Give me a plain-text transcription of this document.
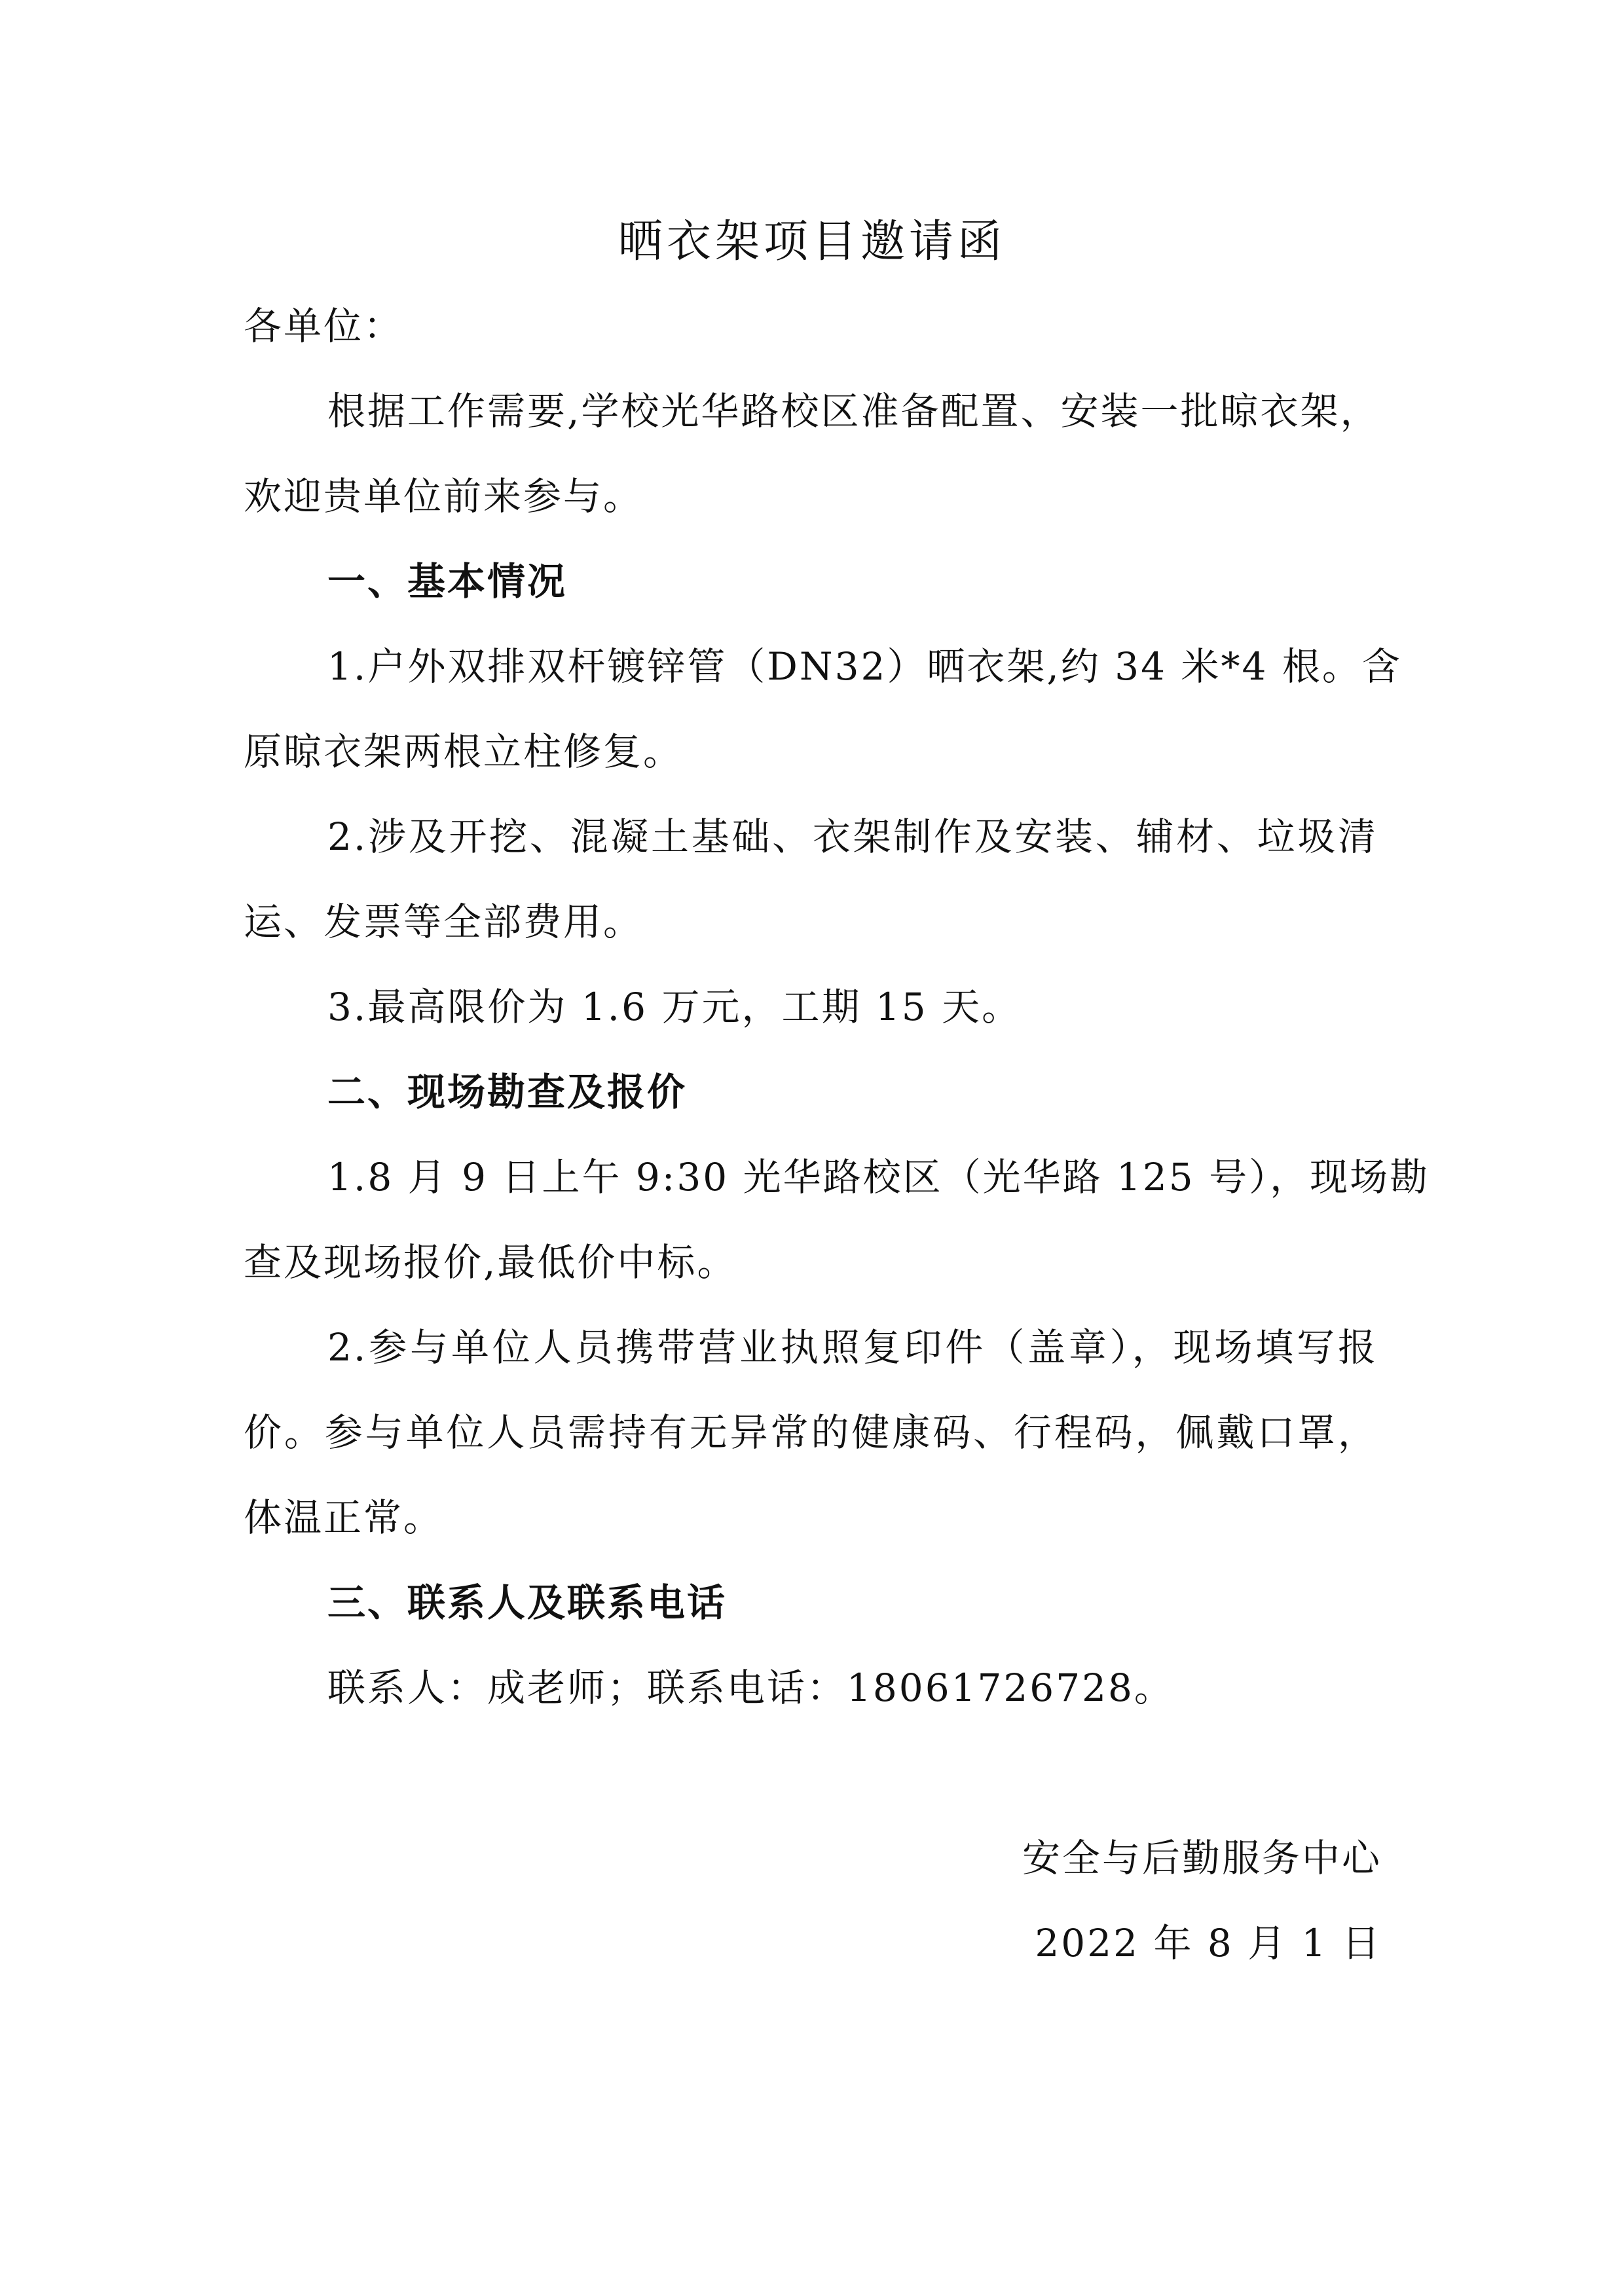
晒衣架项目邀请函
各单位：
根据工作需要,学校光华路校区准备配置、安装一批晾衣架，
欢迎贵单位前来参与。
一、基本情况
1.户外双排双杆镀锌管（DN32）晒衣架,约 34 米*4 根。含
原晾衣架两根立柱修复。
2.涉及开挖、混凝土基础、衣架制作及安装、辅材、垃圾清
运、发票等全部费用。
3.最高限价为 1.6 万元，工期 15 天。
二、现场勘查及报价
1.8 月 9 日上午 9:30 光华路校区（光华路 125 号），现场勘
查及现场报价,最低价中标。
2.参与单位人员携带营业执照复印件（盖章），现场填写报
价。参与单位人员需持有无异常的健康码、行程码，佩戴口罩，
体温正常。
三、联系人及联系电话
联系人：成老师；联系电话：18061726728。
安全与后勤服务中心
2022 年 8 月 1 日
